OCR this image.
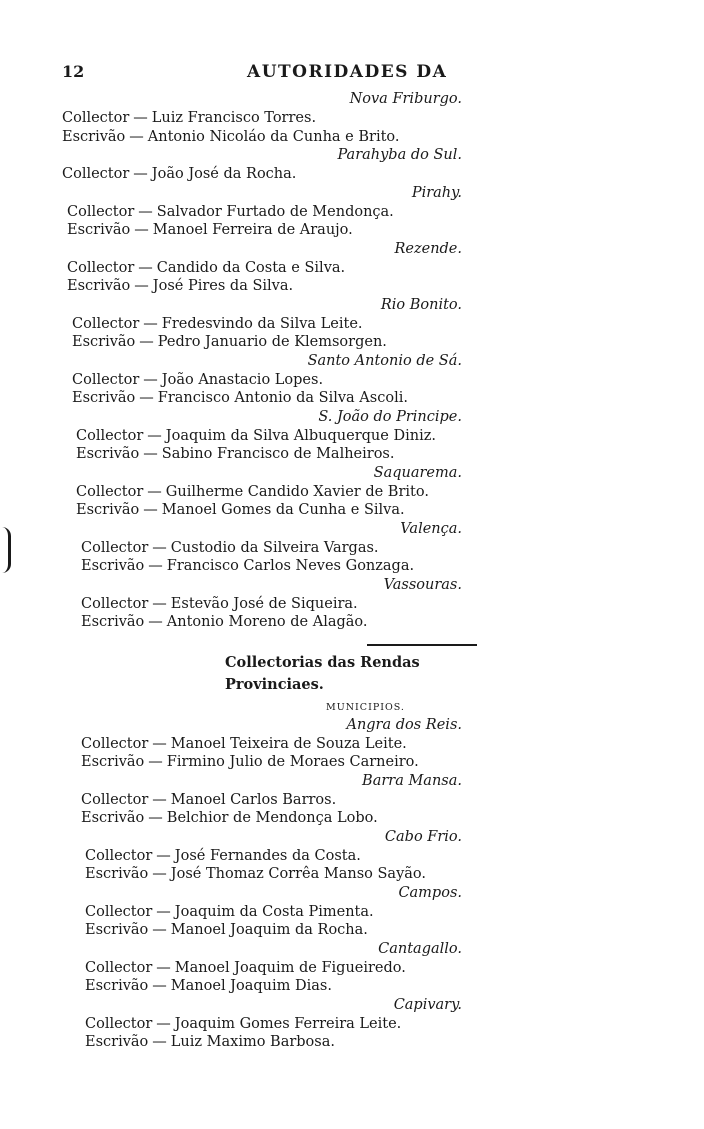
12	AUTORIDADES DA
Nova Friburgo.
Collector — Luiz Francisco Torres.
Escrivão — Antonio Nicoláo da Cunha e Brito.
Parahyba do Sul.
Collector — João José da Rocha.
Pirahy.
Collector — Salvador Furtado de Mendonça.
Escrivão — Manoel Ferreira de Araujo.
Rezende.
Collector — Candido da Costa e Silva.
Escrivão — José Pires da Silva.
Rio Bonito.
Collector — Fredesvindo da Silva Leite.
Escrivão — Pedro Januario de Klemsorgen.
Santo Antonio de Sá.
Collector — João Anastacio Lopes.
Escrivão — Francisco Antonio da Silva Ascoli.
S. João do Principe.
Collector — Joaquim da Silva Albuquerque Diniz.
Escrivão — Sabino Francisco de Malheiros.
Saquarema.
Collector — Guilherme Candido Xavier de Brito.
Escrivão — Manoel Gomes da Cunha e Silva.
Valença.
Collector — Custodio da Silveira Vargas.
Escrivão — Francisco Carlos Neves Gonzaga.
Vassouras.
Collector — Estevão José de Siqueira.
Escrivão — Antonio Moreno de Alagão.
Collectorias das Rendas Provinciaes.
MUNICIPIOS.
Angra dos Reis.
Collector — Manoel Teixeira de Souza Leite.
Escrivão — Firmino Julio de Moraes Carneiro.
Barra Mansa.
Collector — Manoel Carlos Barros.
Escrivão — Belchior de Mendonça Lobo.
Cabo Frio.
Collector — José Fernandes da Costa.
Escrivão — José Thomaz Corrêa Manso Sayão.
Campos.
Collector — Joaquim da Costa Pimenta.
Escrivão — Manoel Joaquim da Rocha.
Cantagallo.
Collector — Manoel Joaquim de Figueiredo.
Escrivão — Manoel Joaquim Dias.
Capivary.
Collector — Joaquim Gomes Ferreira Leite.
Escrivão — Luiz Maximo Barbosa.
